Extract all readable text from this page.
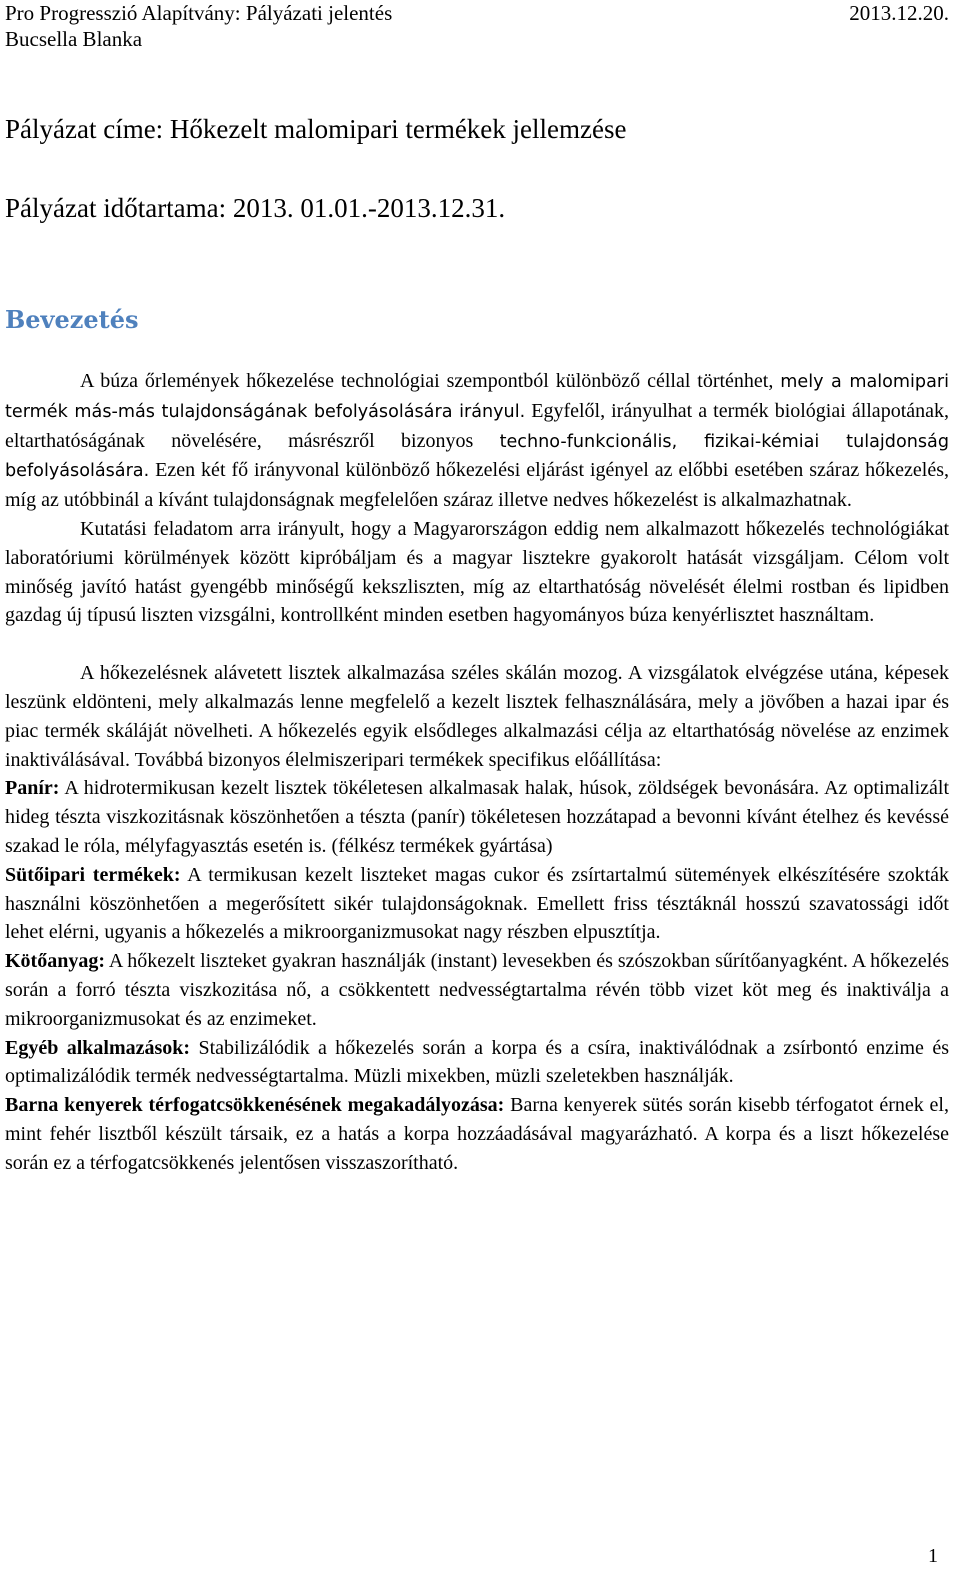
Pro Progresszió Alapítvány: Pályázati jelentés	2013.12.20.
Bucsella Blanka
Pályázat címe: Hőkezelt malomipari termékek jellemzése
Pályázat időtartama: 2013. 01.01.-2013.12.31.
Bevezetés

A búza őrlemények hőkezelése technológiai szempontból különböző céllal történhet, mely a malomipari termék más-más tulajdonságának befolyásolására irányul. Egyfelől, irányulhat a termék biológiai állapotának, eltarthatóságának növelésére, másrészről bizonyos techno-funkcionális, fizikai-kémiai tulajdonság befolyásolására. Ezen két fő irányvonal különböző hőkezelési eljárást igényel az előbbi esetében száraz hőkezelés, míg az utóbbinál a kívánt tulajdonságnak megfelelően száraz illetve nedves hőkezelést is alkalmazhatnak.

Kutatási feladatom arra irányult, hogy a Magyarországon eddig nem alkalmazott hőkezelés technológiákat laboratóriumi körülmények között kipróbáljam és a magyar lisztekre gyakorolt hatását vizsgáljam. Célom volt minőség javító hatást gyengébb minőségű kekszliszten, míg az eltarthatóság növelését élelmi rostban és lipidben gazdag új típusú liszten vizsgálni, kontrollként minden esetben hagyományos búza kenyérlisztet használtam.

A hőkezelésnek alávetett lisztek alkalmazása széles skálán mozog. A vizsgálatok elvégzése utána, képesek leszünk eldönteni, mely alkalmazás lenne megfelelő a kezelt lisztek felhasználására, mely a jövőben a hazai ipar és piac termék skáláját növelheti. A hőkezelés egyik elsődleges alkalmazási célja az eltarthatóság növelése az enzimek inaktiválásával. Továbbá bizonyos élelmiszeripari termékek specifikus előállítása:

Panír: A hidrotermikusan kezelt lisztek tökéletesen alkalmasak halak, húsok, zöldségek bevonására. Az optimalizált hideg tészta viszkozitásnak köszönhetően a tészta (panír) tökéletesen hozzátapad a bevonni kívánt ételhez és kevéssé szakad le róla, mélyfagyasztás esetén is. (félkész termékek gyártása)

Sütőipari termékek: A termikusan kezelt liszteket magas cukor és zsírtartalmú sütemények elkészítésére szokták használni köszönhetően a megerősített sikér tulajdonságoknak. Emellett friss tésztáknál hosszú szavatossági időt lehet elérni, ugyanis a hőkezelés a mikroorganizmusokat nagy részben elpusztítja.

Kötőanyag: A hőkezelt liszteket gyakran használják (instant) levesekben és szószokban sűrítőanyagként. A hőkezelés során a forró tészta viszkozitása nő, a csökkentett nedvességtartalma révén több vizet köt meg és inaktiválja a mikroorganizmusokat és az enzimeket.

Egyéb alkalmazások: Stabilizálódik a hőkezelés során a korpa és a csíra, inaktiválódnak a zsírbontó enzime és optimalizálódik termék nedvességtartalma. Müzli mixekben, müzli szeletekben használják.

Barna kenyerek térfogatcsökkenésének megakadályozása: Barna kenyerek sütés során kisebb térfogatot érnek el, mint fehér lisztből készült társaik, ez a hatás a korpa hozzáadásával magyarázható. A korpa és a liszt hőkezelése során ez a térfogatcsökkenés jelentősen visszaszorítható.

1
